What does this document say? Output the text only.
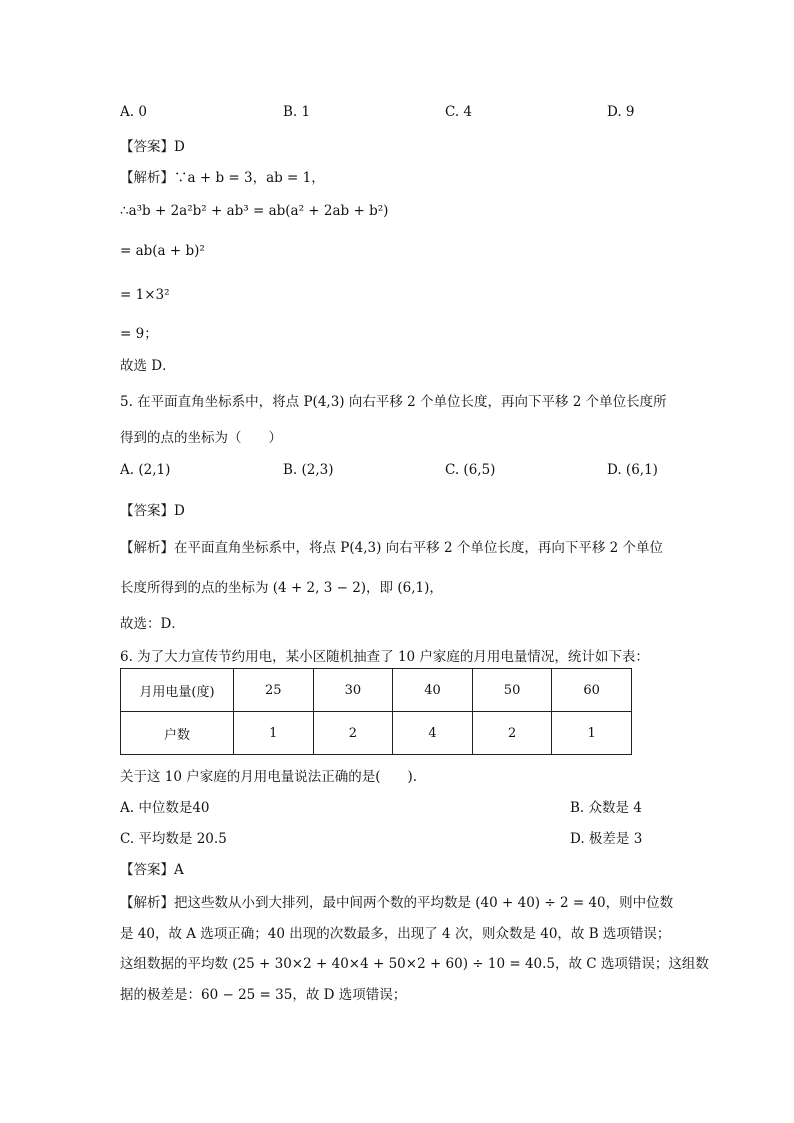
A. 0	B. 1	C. 4	D. 9
【答案】D
【解析】∵a + b = 3，ab = 1，
∴a³b + 2a²b² + ab³ = ab(a² + 2ab + b²)
= ab(a + b)²
= 1×3²
= 9；
故选 D．
5. 在平面直角坐标系中，将点 P(4,3) 向右平移 2 个单位长度，再向下平移 2 个单位长度所
得到的点的坐标为（　　）
A. (2,1)	B. (2,3)	C. (6,5)	D. (6,1)
【答案】D
【解析】在平面直角坐标系中，将点 P(4,3) 向右平移 2 个单位长度，再向下平移 2 个单位
长度所得到的点的坐标为 (4 + 2, 3 − 2)，即 (6,1)，
故选：D．
6. 为了大力宣传节约用电，某小区随机抽查了 10 户家庭的月用电量情况，统计如下表：
月用电量(度)	25	30	40	50	60
户数	1	2	4	2	1
关于这 10 户家庭的月用电量说法正确的是(　　).
A. 中位数是40	B. 众数是 4
C. 平均数是 20.5	D. 极差是 3
【答案】A
【解析】把这些数从小到大排列，最中间两个数的平均数是 (40 + 40) ÷ 2 = 40，则中位数
是 40，故 A 选项正确；40 出现的次数最多，出现了 4 次，则众数是 40，故 B 选项错误；
这组数据的平均数 (25 + 30×2 + 40×4 + 50×2 + 60) ÷ 10 = 40.5，故 C 选项错误；这组数
据的极差是：60 − 25 = 35，故 D 选项错误；
